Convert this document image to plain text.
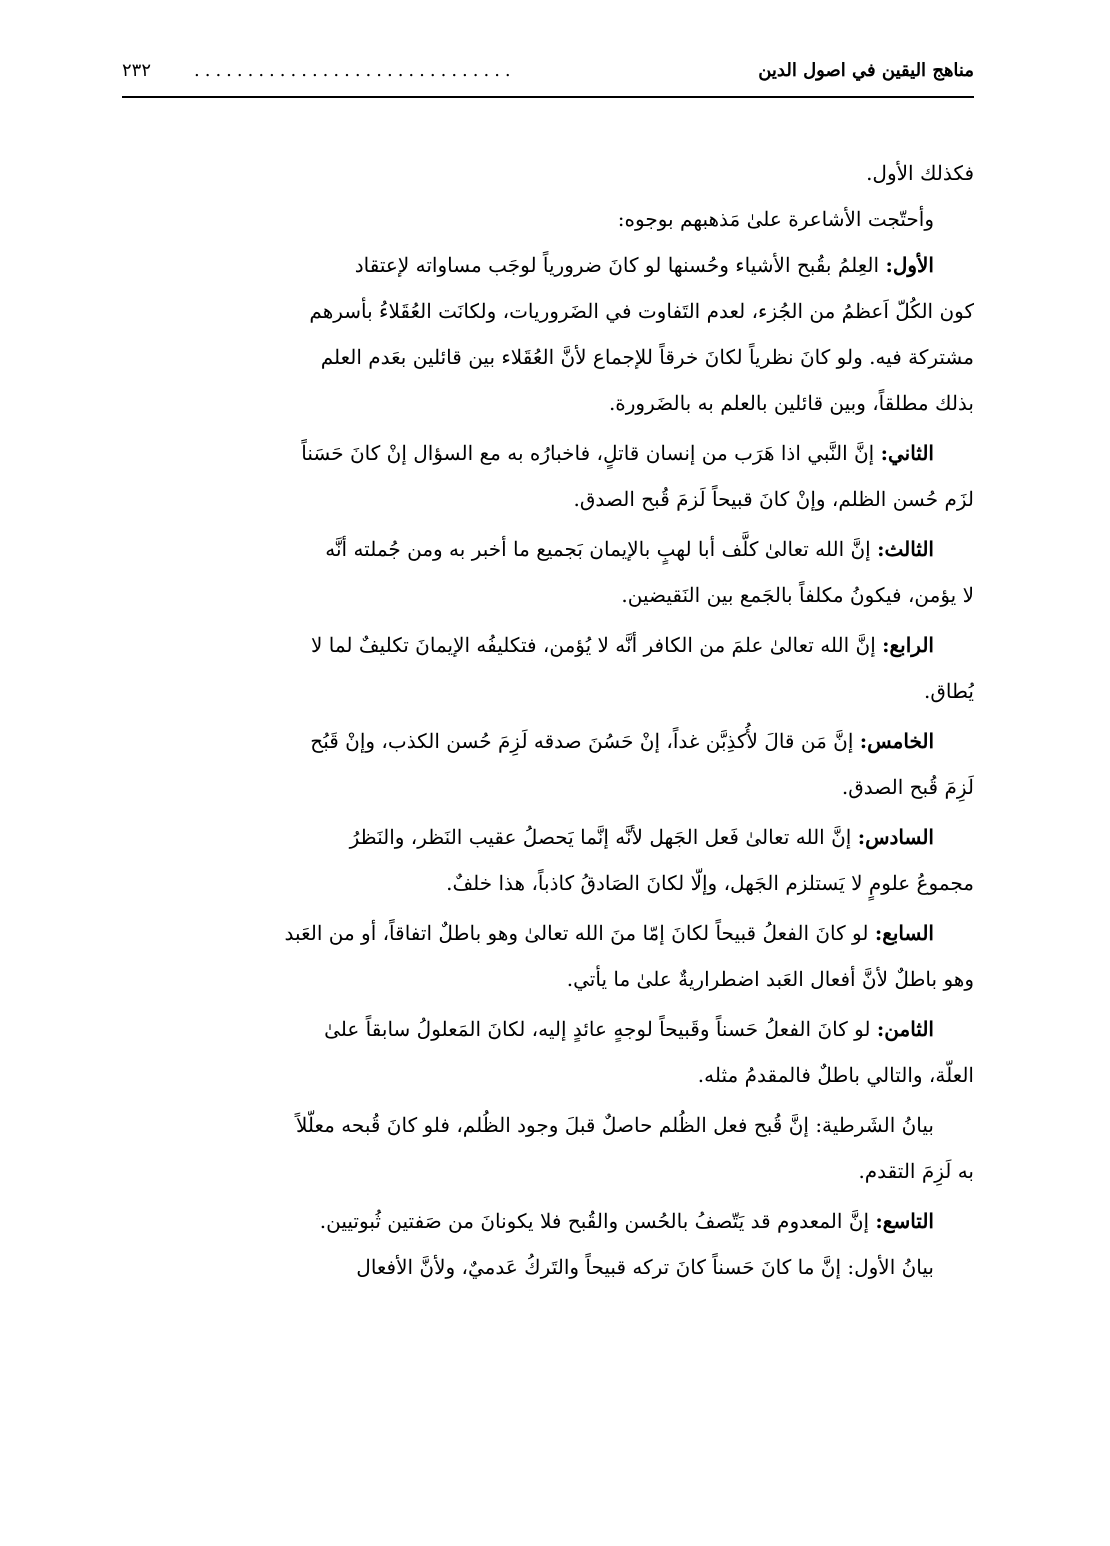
مناهج اليقين في اصول الدين
..............................
٢٣٢
فكذلك الأول.
وأحتّجت الأشاعرة علىٰ مَذهبهم بوجوه:
الأول: العِلمُ بقُبح الأشياء وحُسنها لو كانَ ضرورياً لوجَب مساواته لإعتقاد
كون الكُلّ اَعظمُ من الجُزء، لعدم التَفاوت في الضَروريات، ولكانَت العُقَلاءُ بأسرهم
مشتركة فيه. ولو كانَ نظرياً لكانَ خرقاً للإجماع لأنَّ العُقَلاء بين قائلين بعَدم العلم
بذلك مطلقاً، وبين قائلين بالعلم به بالضَرورة.
الثاني: إنَّ النَّبي اذا هَرَب من إنسان قاتلٍ، فاخبارُه به مع السؤال إنْ كانَ حَسَناً
لزَم حُسن الظلم، وإنْ كانَ قبيحاً لَزمَ قُبح الصدق.
الثالث: إنَّ الله تعالىٰ كلَّف أبا لهبٍ بالإيمان بَجميع ما أخبر به ومن جُملته أنَّه
لا يؤمن، فيكونُ مكلفاً بالجَمع بين النَقيضين.
الرابع: إنَّ الله تعالىٰ علمَ من الكافر أنَّه لا يُؤمن، فتكليفُه الإيمانَ تكليفٌ لما لا
يُطاق.
الخامس: إنَّ مَن قالَ لأُكذِبَّن غداً، إنْ حَسُنَ صدقه لَزِمَ حُسن الكذب، وإنْ قَبُح
لَزِمَ قُبح الصدق.
السادس: إنَّ الله تعالىٰ فَعل الجَهل لأنَّه إنَّما يَحصلُ عقيب النَظر، والنَظرُ
مجموعُ علومٍ لا يَستلزم الجَهل، وإلّا لكانَ الصَادقُ كاذباً، هذا خلفٌ.
السابع: لو كانَ الفعلُ قبيحاً لكانَ إمّا منَ الله تعالىٰ وهو باطلٌ اتفاقاً، أو من العَبد
وهو باطلٌ لأنَّ أفعال العَبد اضطراريةٌ علىٰ ما يأتي.
الثامن: لو كانَ الفعلُ حَسناً وقَبيحاً لوجهٍ عائدٍ إليه، لكانَ المَعلولُ سابقاً علىٰ
العلّة، والتالي باطلٌ فالمقدمُ مثله.
بيانُ الشَرطية: إنَّ قُبح فعل الظُلم حاصلٌ قبلَ وجود الظُلم، فلو كانَ قُبحه معلّلاً
به لَزِمَ التقدم.
التاسع: إنَّ المعدوم قد يَتّصفُ بالحُسن والقُبح فلا يكونانَ من صَفتين ثُبوتيين.
بيانُ الأول: إنَّ ما كانَ حَسناً كانَ تركه قبيحاً والتَركُ عَدميٌ، ولأنَّ الأفعال
